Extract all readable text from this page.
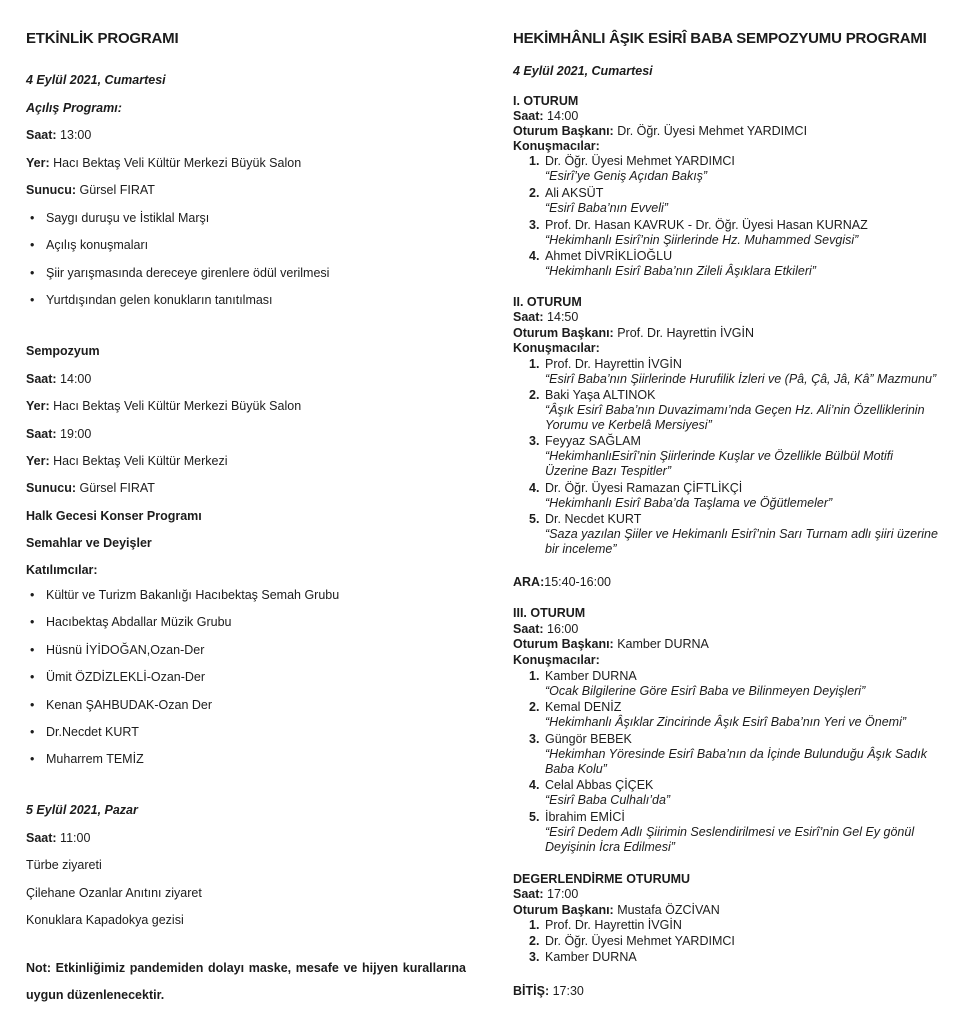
ETKİNLİK PROGRAMI
4 Eylül 2021, Cumartesi
Açılış Programı:
Saat: 13:00
Yer: Hacı Bektaş Veli Kültür Merkezi Büyük Salon
Sunucu: Gürsel FIRAT
• Saygı duruşu ve İstiklal Marşı
• Açılış konuşmaları
• Şiir yarışmasında dereceye girenlere ödül verilmesi
• Yurtdışından gelen konukların tanıtılması
Sempozyum
Saat: 14:00
Yer: Hacı Bektaş Veli Kültür Merkezi Büyük Salon
Saat: 19:00
Yer: Hacı Bektaş Veli Kültür Merkezi
Sunucu: Gürsel FIRAT
Halk Gecesi Konser Programı
Semahlar ve Deyişler
Katılımcılar:
• Kültür ve Turizm Bakanlığı Hacıbektaş Semah Grubu
• Hacıbektaş Abdallar Müzik Grubu
• Hüsnü İYİDOĞAN,Ozan-Der
• Ümit ÖZDİZLEKLİ-Ozan-Der
• Kenan ŞAHBUDAK-Ozan Der
• Dr.Necdet KURT
• Muharrem TEMİZ
5 Eylül 2021, Pazar
Saat: 11:00
Türbe ziyareti
Çilehane Ozanlar Anıtını ziyaret
Konuklara Kapadokya gezisi
Not: Etkinliğimiz pandemiden dolayı maske, mesafe ve hijyen kurallarına uygun düzenlenecektir.
HEKİMHÂNLI ÂŞIK ESİRÎ BABA SEMPOZYUMU PROGRAMI
4 Eylül 2021, Cumartesi
I. OTURUM
Saat: 14:00
Oturum Başkanı: Dr. Öğr. Üyesi Mehmet YARDIMCI
Konuşmacılar:
1. Dr. Öğr. Üyesi Mehmet YARDIMCI
“Esirî’ye Geniş Açıdan Bakış”
2. Ali AKSÜT
“Esirî Baba’nın Evveli”
3. Prof. Dr. Hasan KAVRUK - Dr. Öğr. Üyesi Hasan KURNAZ
“Hekimhanlı Esirî’nin Şiirlerinde Hz. Muhammed Sevgisi”
4. Ahmet DİVRİKLİOĞLU
“Hekimhanlı Esirî Baba’nın Zileli Âşıklara Etkileri”
II. OTURUM
Saat: 14:50
Oturum Başkanı: Prof. Dr. Hayrettin İVGİN
Konuşmacılar:
1. Prof. Dr. Hayrettin İVGİN
“Esirî Baba’nın Şiirlerinde Hurufilik İzleri ve (Pâ, Çâ, Jâ, Kâ” Mazmunu”
2. Baki Yaşa ALTINOK
“Âşık Esirî Baba’nın Duvazimamı’nda Geçen Hz. Ali’nin Özelliklerinin
Yorumu ve Kerbelâ Mersiyesi”
3. Feyyaz SAĞLAM
“HekimhanlıEsirî’nin Şiirlerinde Kuşlar ve Özellikle Bülbül Motifi
Üzerine Bazı Tespitler”
4. Dr. Öğr. Üyesi Ramazan ÇİFTLİKÇİ
“Hekimhanlı Esirî Baba’da Taşlama ve Öğütlemeler”
5. Dr. Necdet KURT
“Saza yazılan Şiiler ve Hekimanlı Esirî’nin Sarı Turnam adlı şiiri üzerine
bir inceleme”
ARA:15:40-16:00
III. OTURUM
Saat: 16:00
Oturum Başkanı: Kamber DURNA
Konuşmacılar:
1. Kamber DURNA
“Ocak Bilgilerine Göre Esirî Baba ve Bilinmeyen Deyişleri”
2. Kemal DENİZ
“Hekimhanlı Âşıklar Zincirinde Âşık Esirî Baba’nın Yeri ve Önemi”
3. Güngör BEBEK
“Hekimhan Yöresinde Esirî Baba’nın da İçinde Bulunduğu Âşık Sadık
Baba Kolu”
4. Celal Abbas ÇİÇEK
“Esirî Baba Culhalı’da”
5. İbrahim EMİCİ
“Esirî Dedem Adlı Şiirimin Seslendirilmesi ve Esirî’nin Gel Ey gönül
Deyişinin İcra Edilmesi”
DEGERLENDİRME OTURUMU
Saat: 17:00
Oturum Başkanı: Mustafa ÖZCİVAN
1. Prof. Dr. Hayrettin İVGİN
2. Dr. Öğr. Üyesi Mehmet YARDIMCI
3. Kamber DURNA
BİTİŞ: 17:30
